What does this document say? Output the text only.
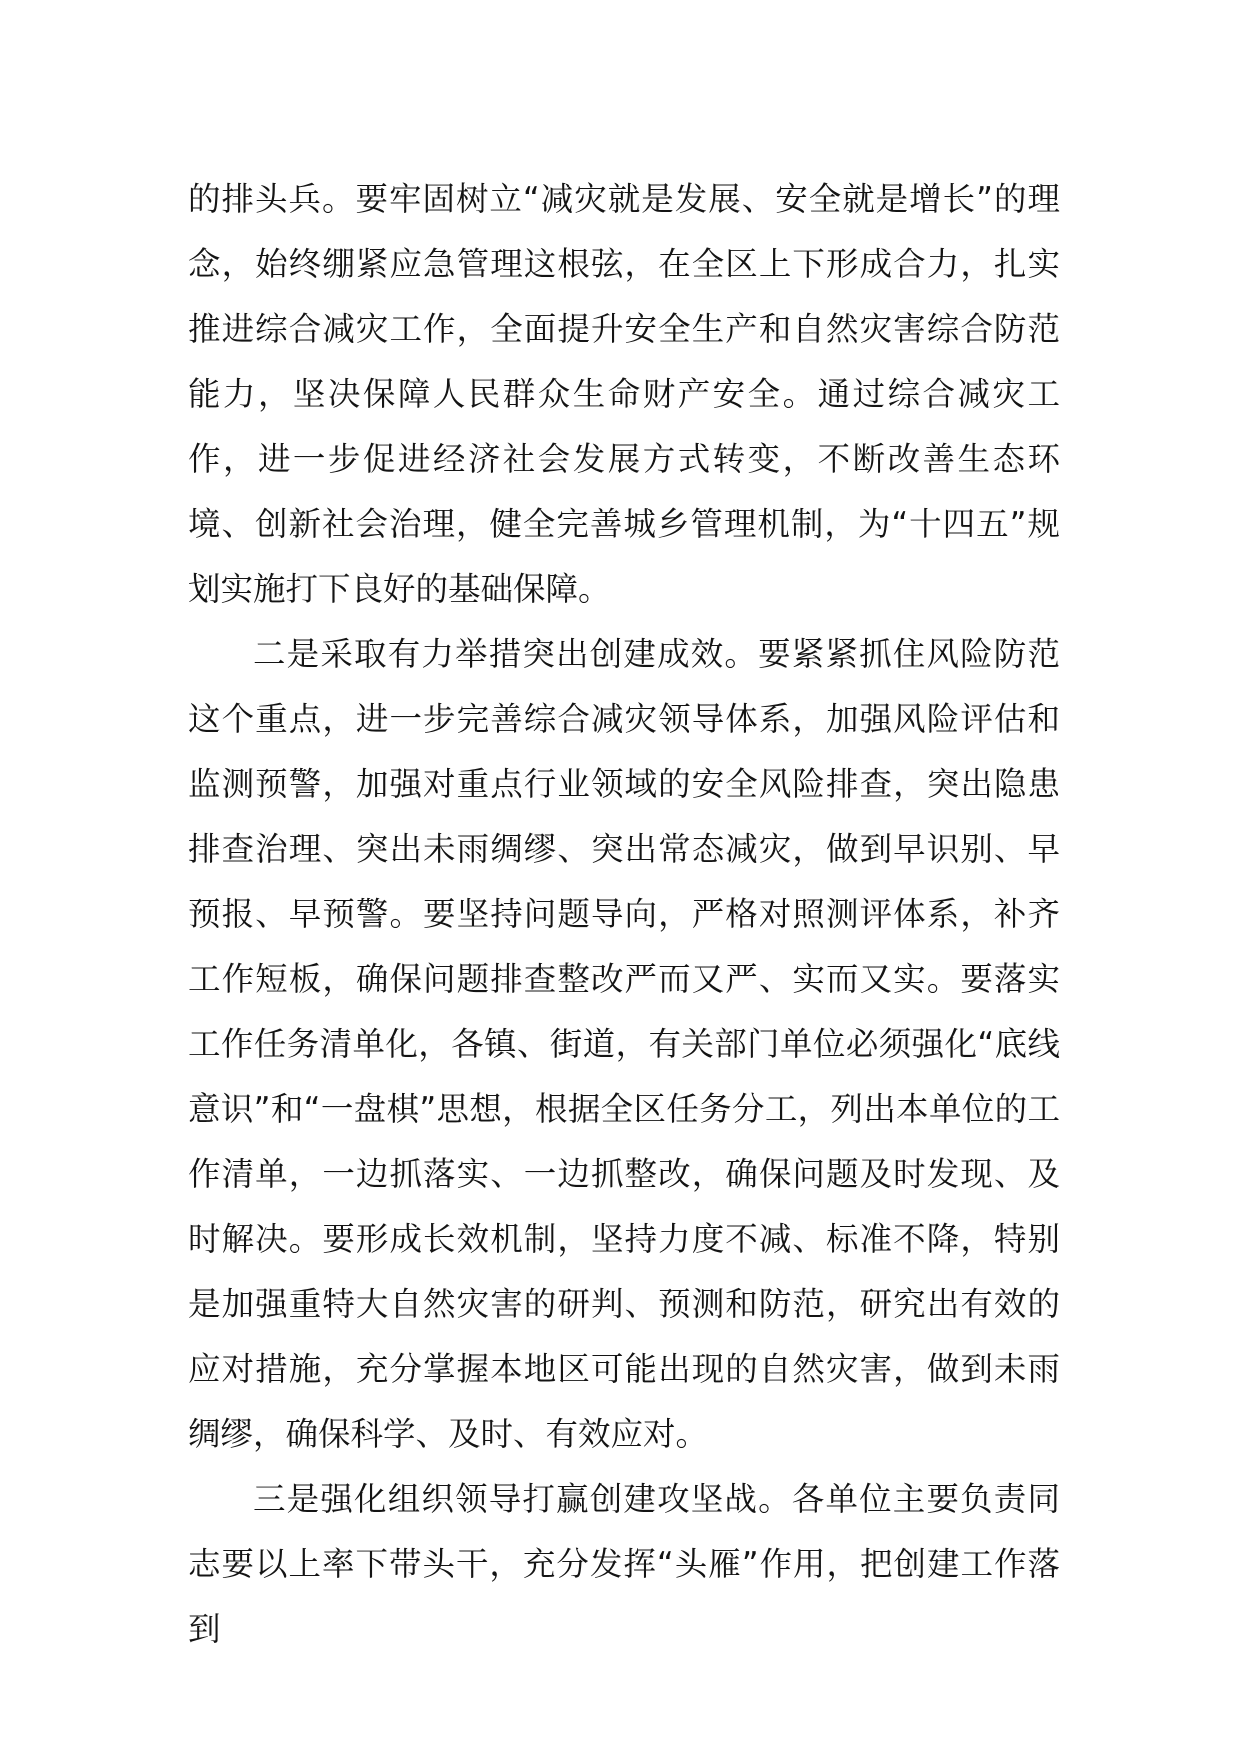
的排头兵。要牢固树立“减灾就是发展、安全就是增长”的理念，始终绷紧应急管理这根弦，在全区上下形成合力，扎实推进综合减灾工作，全面提升安全生产和自然灾害综合防范能力，坚决保障人民群众生命财产安全。通过综合减灾工作，进一步促进经济社会发展方式转变，不断改善生态环境、创新社会治理，健全完善城乡管理机制，为“十四五”规划实施打下良好的基础保障。

二是采取有力举措突出创建成效。要紧紧抓住风险防范这个重点，进一步完善综合减灾领导体系，加强风险评估和监测预警，加强对重点行业领域的安全风险排查，突出隐患排查治理、突出未雨绸缪、突出常态减灾，做到早识别、早预报、早预警。要坚持问题导向，严格对照测评体系，补齐工作短板，确保问题排查整改严而又严、实而又实。要落实工作任务清单化，各镇、街道，有关部门单位必须强化“底线意识”和“一盘棋”思想，根据全区任务分工，列出本单位的工作清单，一边抓落实、一边抓整改，确保问题及时发现、及时解决。要形成长效机制，坚持力度不减、标准不降，特别是加强重特大自然灾害的研判、预测和防范，研究出有效的应对措施，充分掌握本地区可能出现的自然灾害，做到未雨绸缪，确保科学、及时、有效应对。

三是强化组织领导打赢创建攻坚战。各单位主要负责同志要以上率下带头干，充分发挥“头雁”作用，把创建工作落到
